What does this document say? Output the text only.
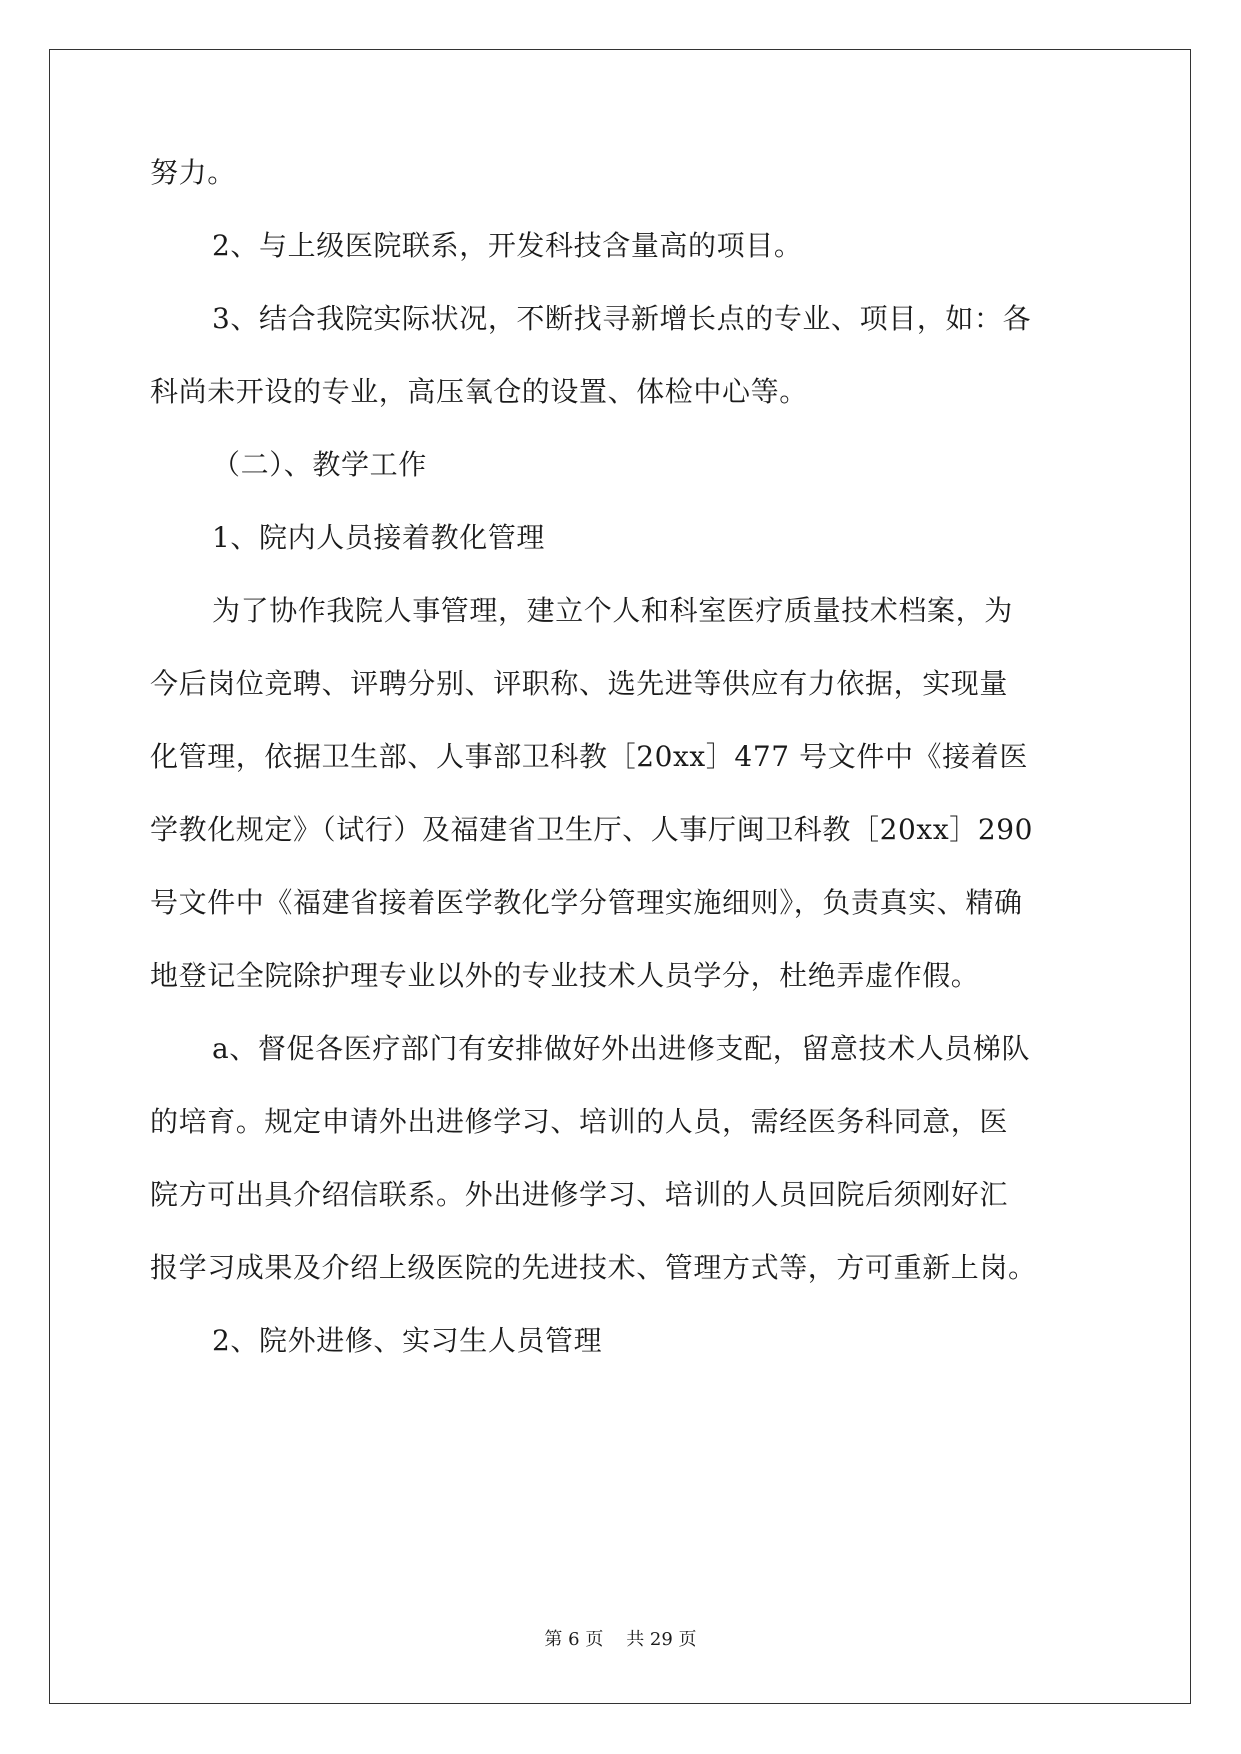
努力。
2、与上级医院联系，开发科技含量高的项目。
3、结合我院实际状况，不断找寻新增长点的专业、项目，如：各
科尚未开设的专业，高压氧仓的设置、体检中心等。
（二）、教学工作
1、院内人员接着教化管理
为了协作我院人事管理，建立个人和科室医疗质量技术档案，为
今后岗位竞聘、评聘分别、评职称、选先进等供应有力依据，实现量
化管理，依据卫生部、人事部卫科教［20xx］477 号文件中《接着医
学教化规定》（试行）及福建省卫生厅、人事厅闽卫科教［20xx］290
号文件中《福建省接着医学教化学分管理实施细则》，负责真实、精确
地登记全院除护理专业以外的专业技术人员学分，杜绝弄虚作假。
a、督促各医疗部门有安排做好外出进修支配，留意技术人员梯队
的培育。规定申请外出进修学习、培训的人员，需经医务科同意，医
院方可出具介绍信联系。外出进修学习、培训的人员回院后须刚好汇
报学习成果及介绍上级医院的先进技术、管理方式等，方可重新上岗。
2、院外进修、实习生人员管理
第 6 页    共 29 页
